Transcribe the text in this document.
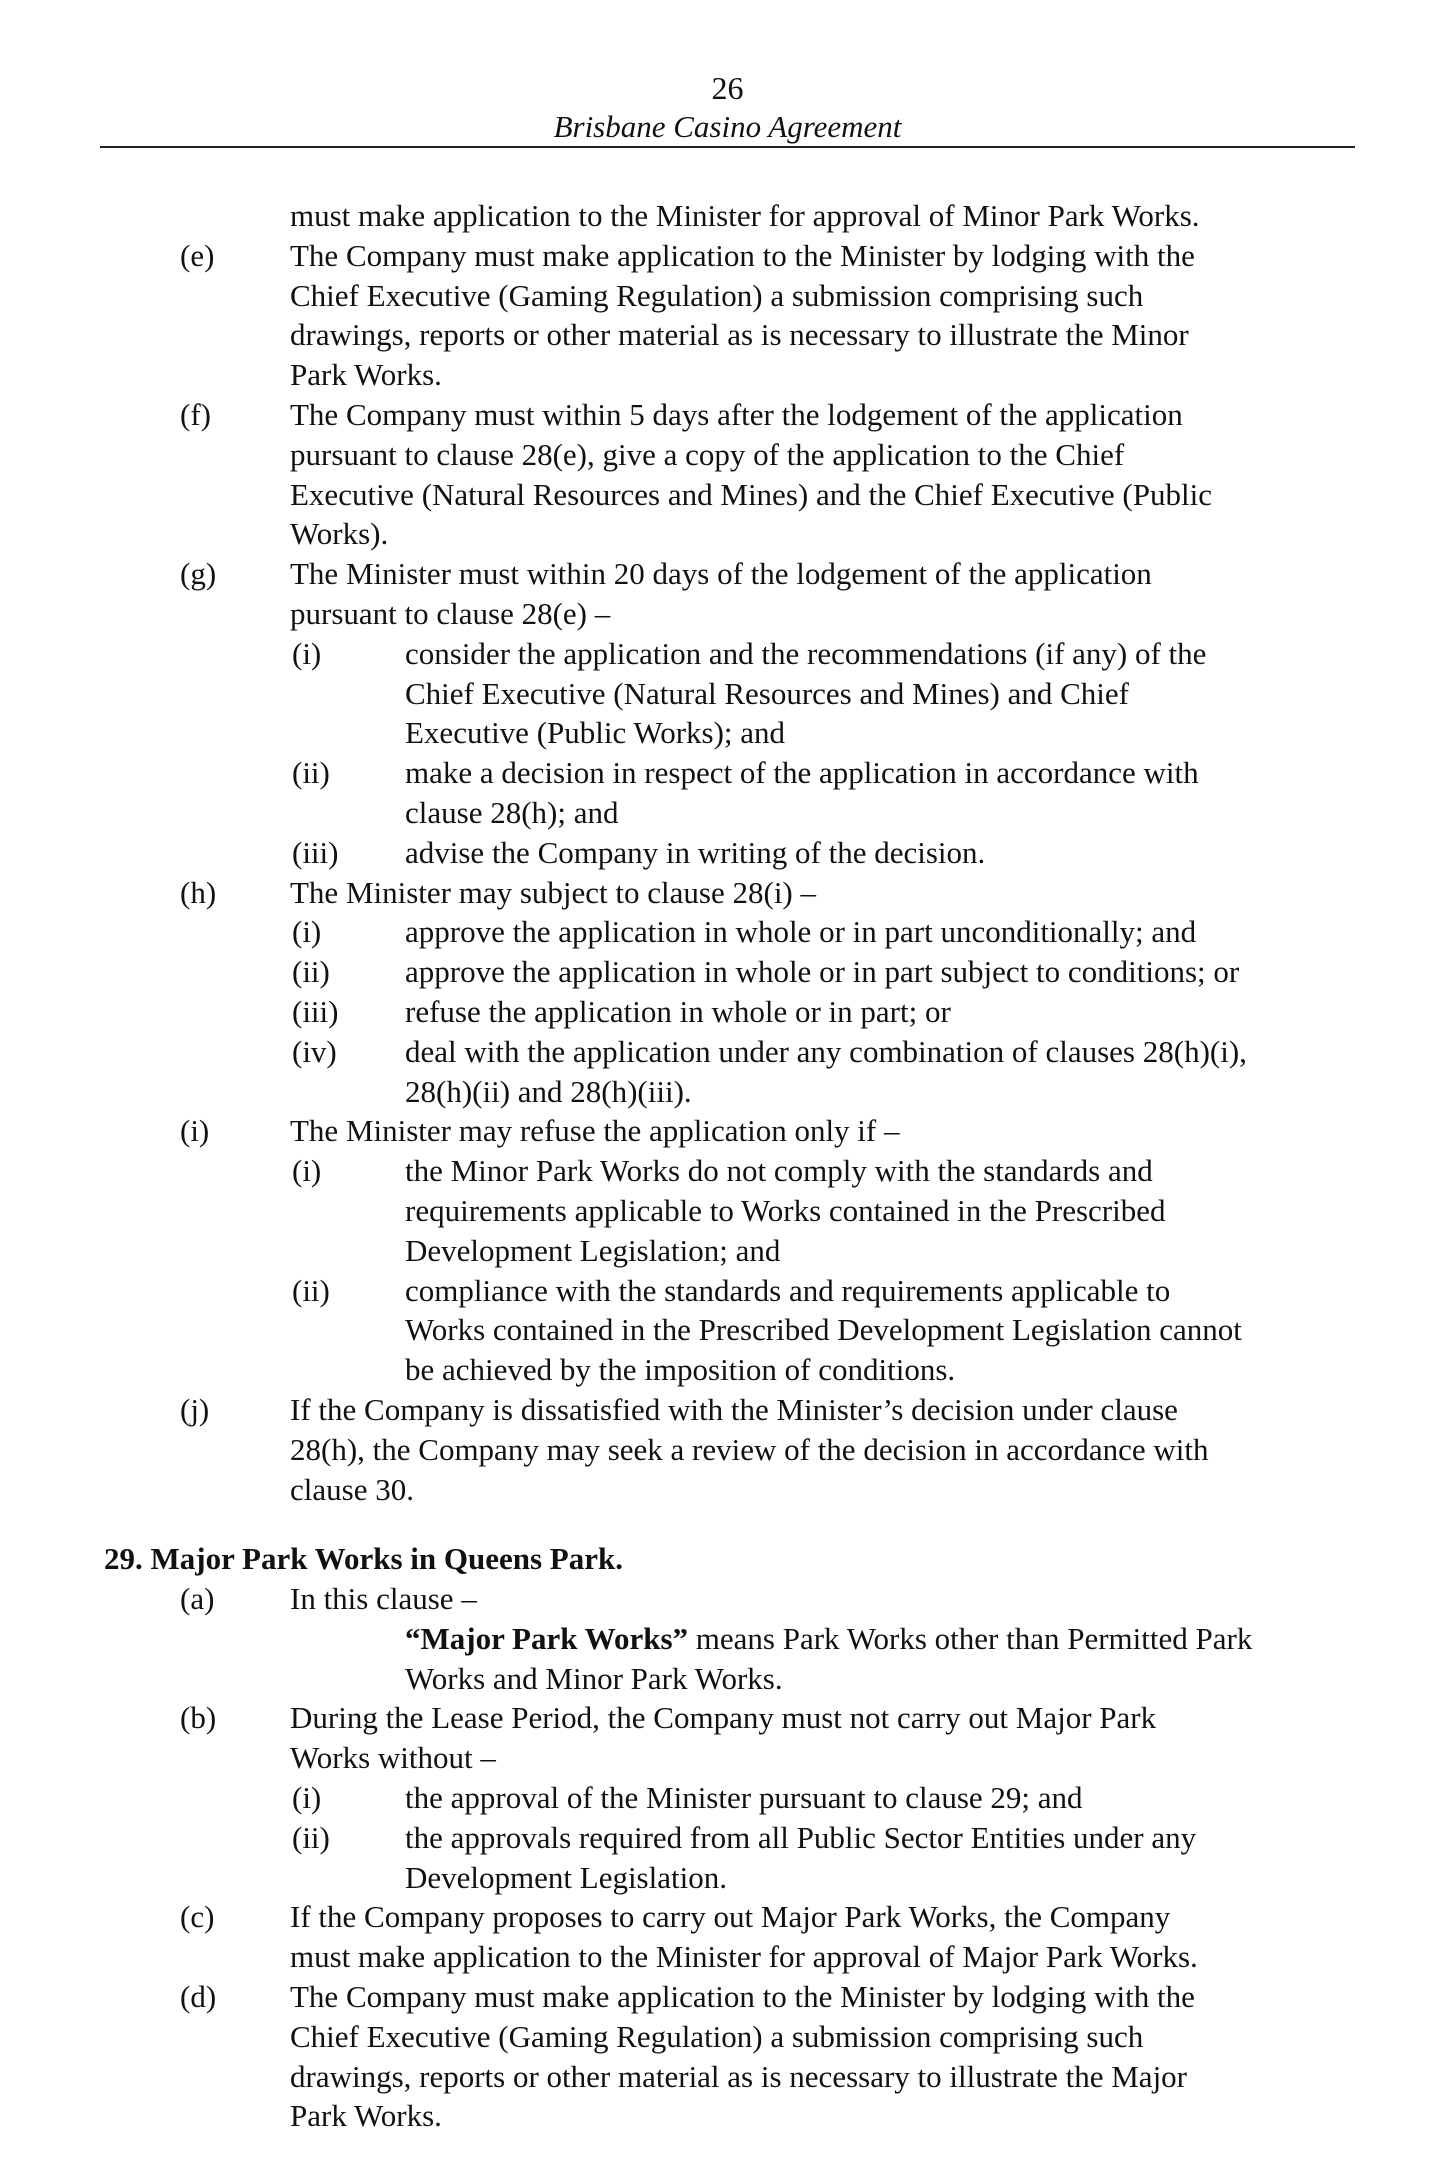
26
Brisbane Casino Agreement
must make application to the Minister for approval of Minor Park Works.
(e) The Company must make application to the Minister by lodging with the
Chief Executive (Gaming Regulation) a submission comprising such
drawings, reports or other material as is necessary to illustrate the Minor
Park Works.
(f)	The Company must within 5 days after the lodgement of the application
pursuant to clause 28(e), give a copy of the application to the Chief
Executive (Natural Resources and Mines) and the Chief Executive (Public
Works).
(g) The Minister must within 20 days of the lodgement of the application
pursuant to clause 28(e) –
(i)	consider the application and the recommendations (if any) of the
Chief Executive (Natural Resources and Mines) and Chief
Executive (Public Works); and
(ii) make a decision in respect of the application in accordance with
clause 28(h); and
(iii) advise the Company in writing of the decision.
(h) The Minister may subject to clause 28(i) –
(i)	approve the application in whole or in part unconditionally; and
(ii) approve the application in whole or in part subject to conditions; or
(iii) refuse the application in whole or in part; or
(iv) deal with the application under any combination of clauses 28(h)(i),
28(h)(ii) and 28(h)(iii).
(i)	The Minister may refuse the application only if –
(i)	the Minor Park Works do not comply with the standards and
requirements applicable to Works contained in the Prescribed
Development Legislation; and
(ii) compliance with the standards and requirements applicable to
Works contained in the Prescribed Development Legislation cannot
be achieved by the imposition of conditions.
(j)	If the Company is dissatisfied with the Minister’s decision under clause
28(h), the Company may seek a review of the decision in accordance with
clause 30.
29. Major Park Works in Queens Park.
(a) In this clause –
“Major Park Works” means Park Works other than Permitted Park
Works and Minor Park Works.
(b) During the Lease Period, the Company must not carry out Major Park
Works without –
(i)	the approval of the Minister pursuant to clause 29; and
(ii) the approvals required from all Public Sector Entities under any
Development Legislation.
(c) If the Company proposes to carry out Major Park Works, the Company
must make application to the Minister for approval of Major Park Works.
(d) The Company must make application to the Minister by lodging with the
Chief Executive (Gaming Regulation) a submission comprising such
drawings, reports or other material as is necessary to illustrate the Major
Park Works.
